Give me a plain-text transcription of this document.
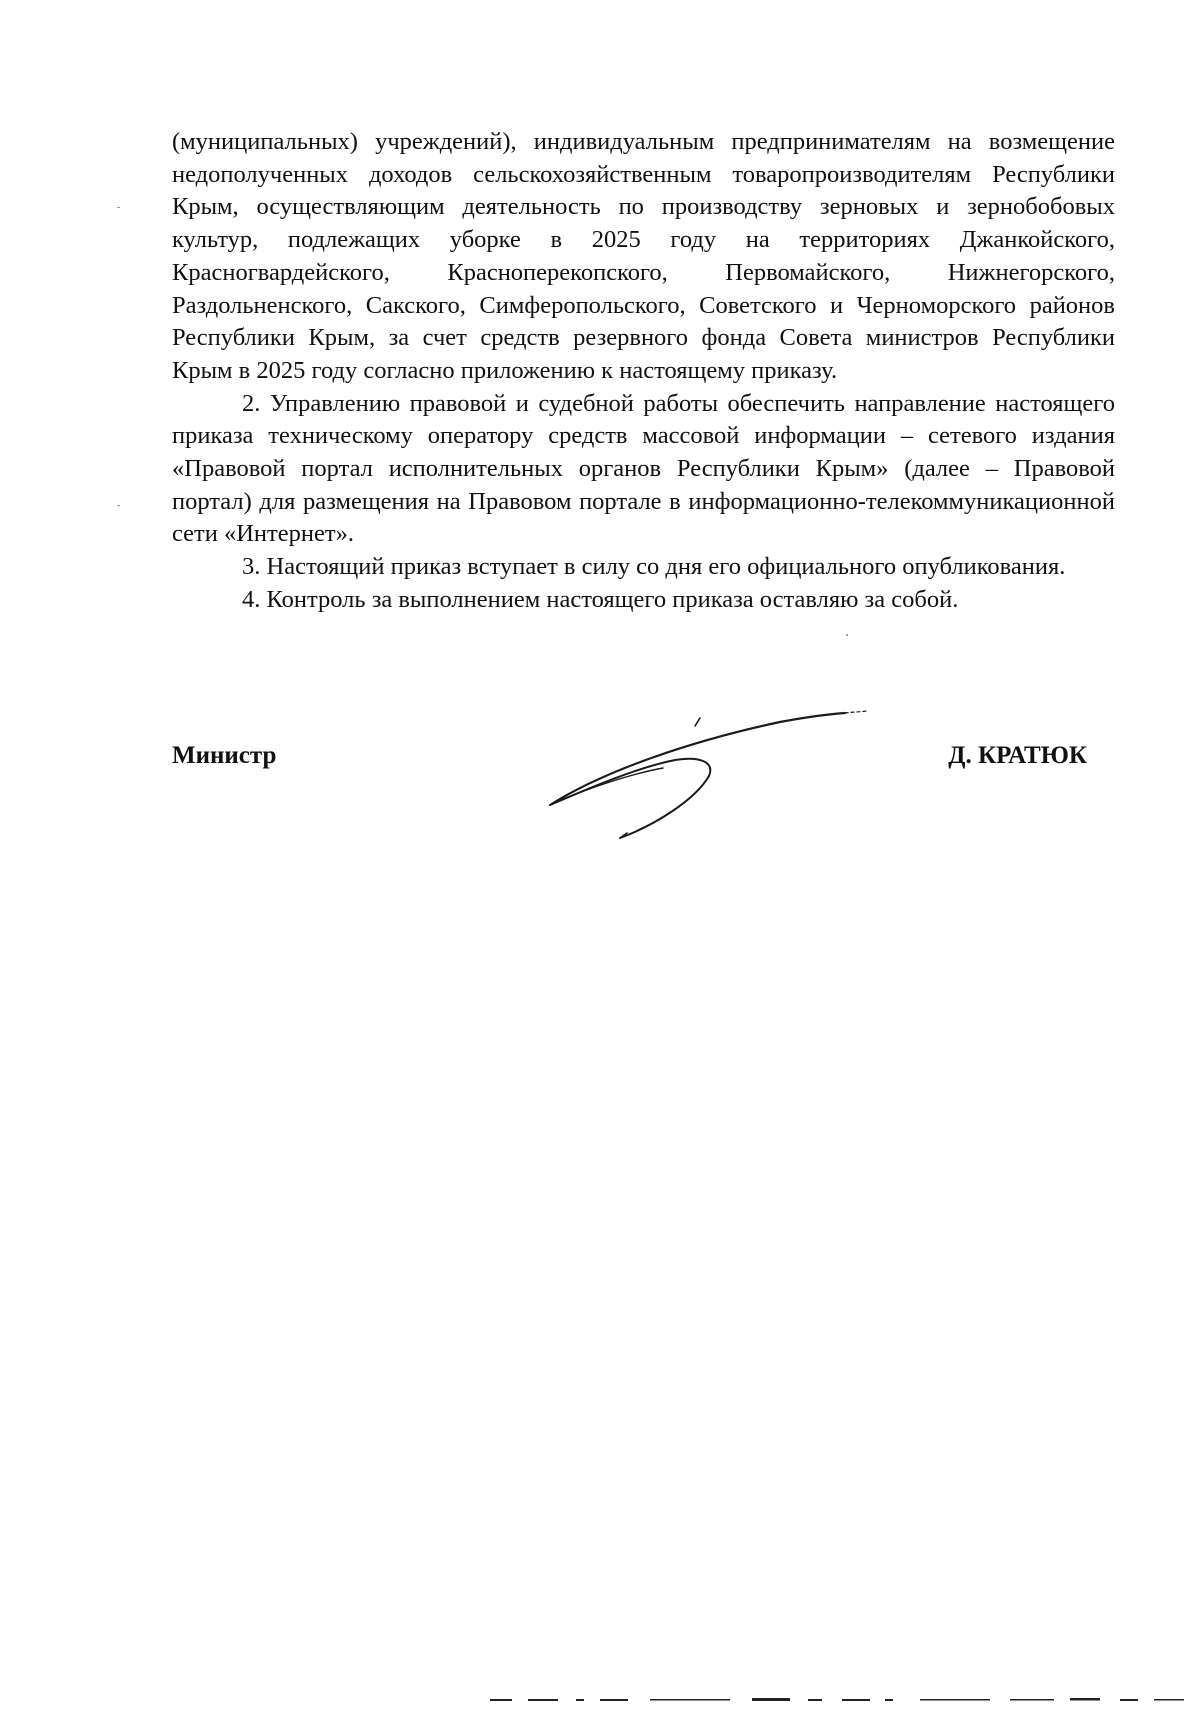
(муниципальных) учреждений), индивидуальным предпринимателям на возмещение недополученных доходов сельскохозяйственным товаропроизводителям Республики Крым, осуществляющим деятельность по производству зерновых и зернобобовых культур, подлежащих уборке в 2025 году на территориях Джанкойского, Красногвардейского, Красноперекопского, Первомайского, Нижнегорского, Раздольненского, Сакского, Симферопольского, Советского и Черноморского районов Республики Крым, за счет средств резервного фонда Совета министров Республики Крым в 2025 году согласно приложению к настоящему приказу.

2. Управлению правовой и судебной работы обеспечить направление настоящего приказа техническому оператору средств массовой информации – сетевого издания «Правовой портал исполнительных органов Республики Крым» (далее – Правовой портал) для размещения на Правовом портале в информационно-телекоммуникационной сети «Интернет».

3. Настоящий приказ вступает в силу со дня его официального опубликования.

4. Контроль за выполнением настоящего приказа оставляю за собой.

Министр	Д. КРАТЮК
